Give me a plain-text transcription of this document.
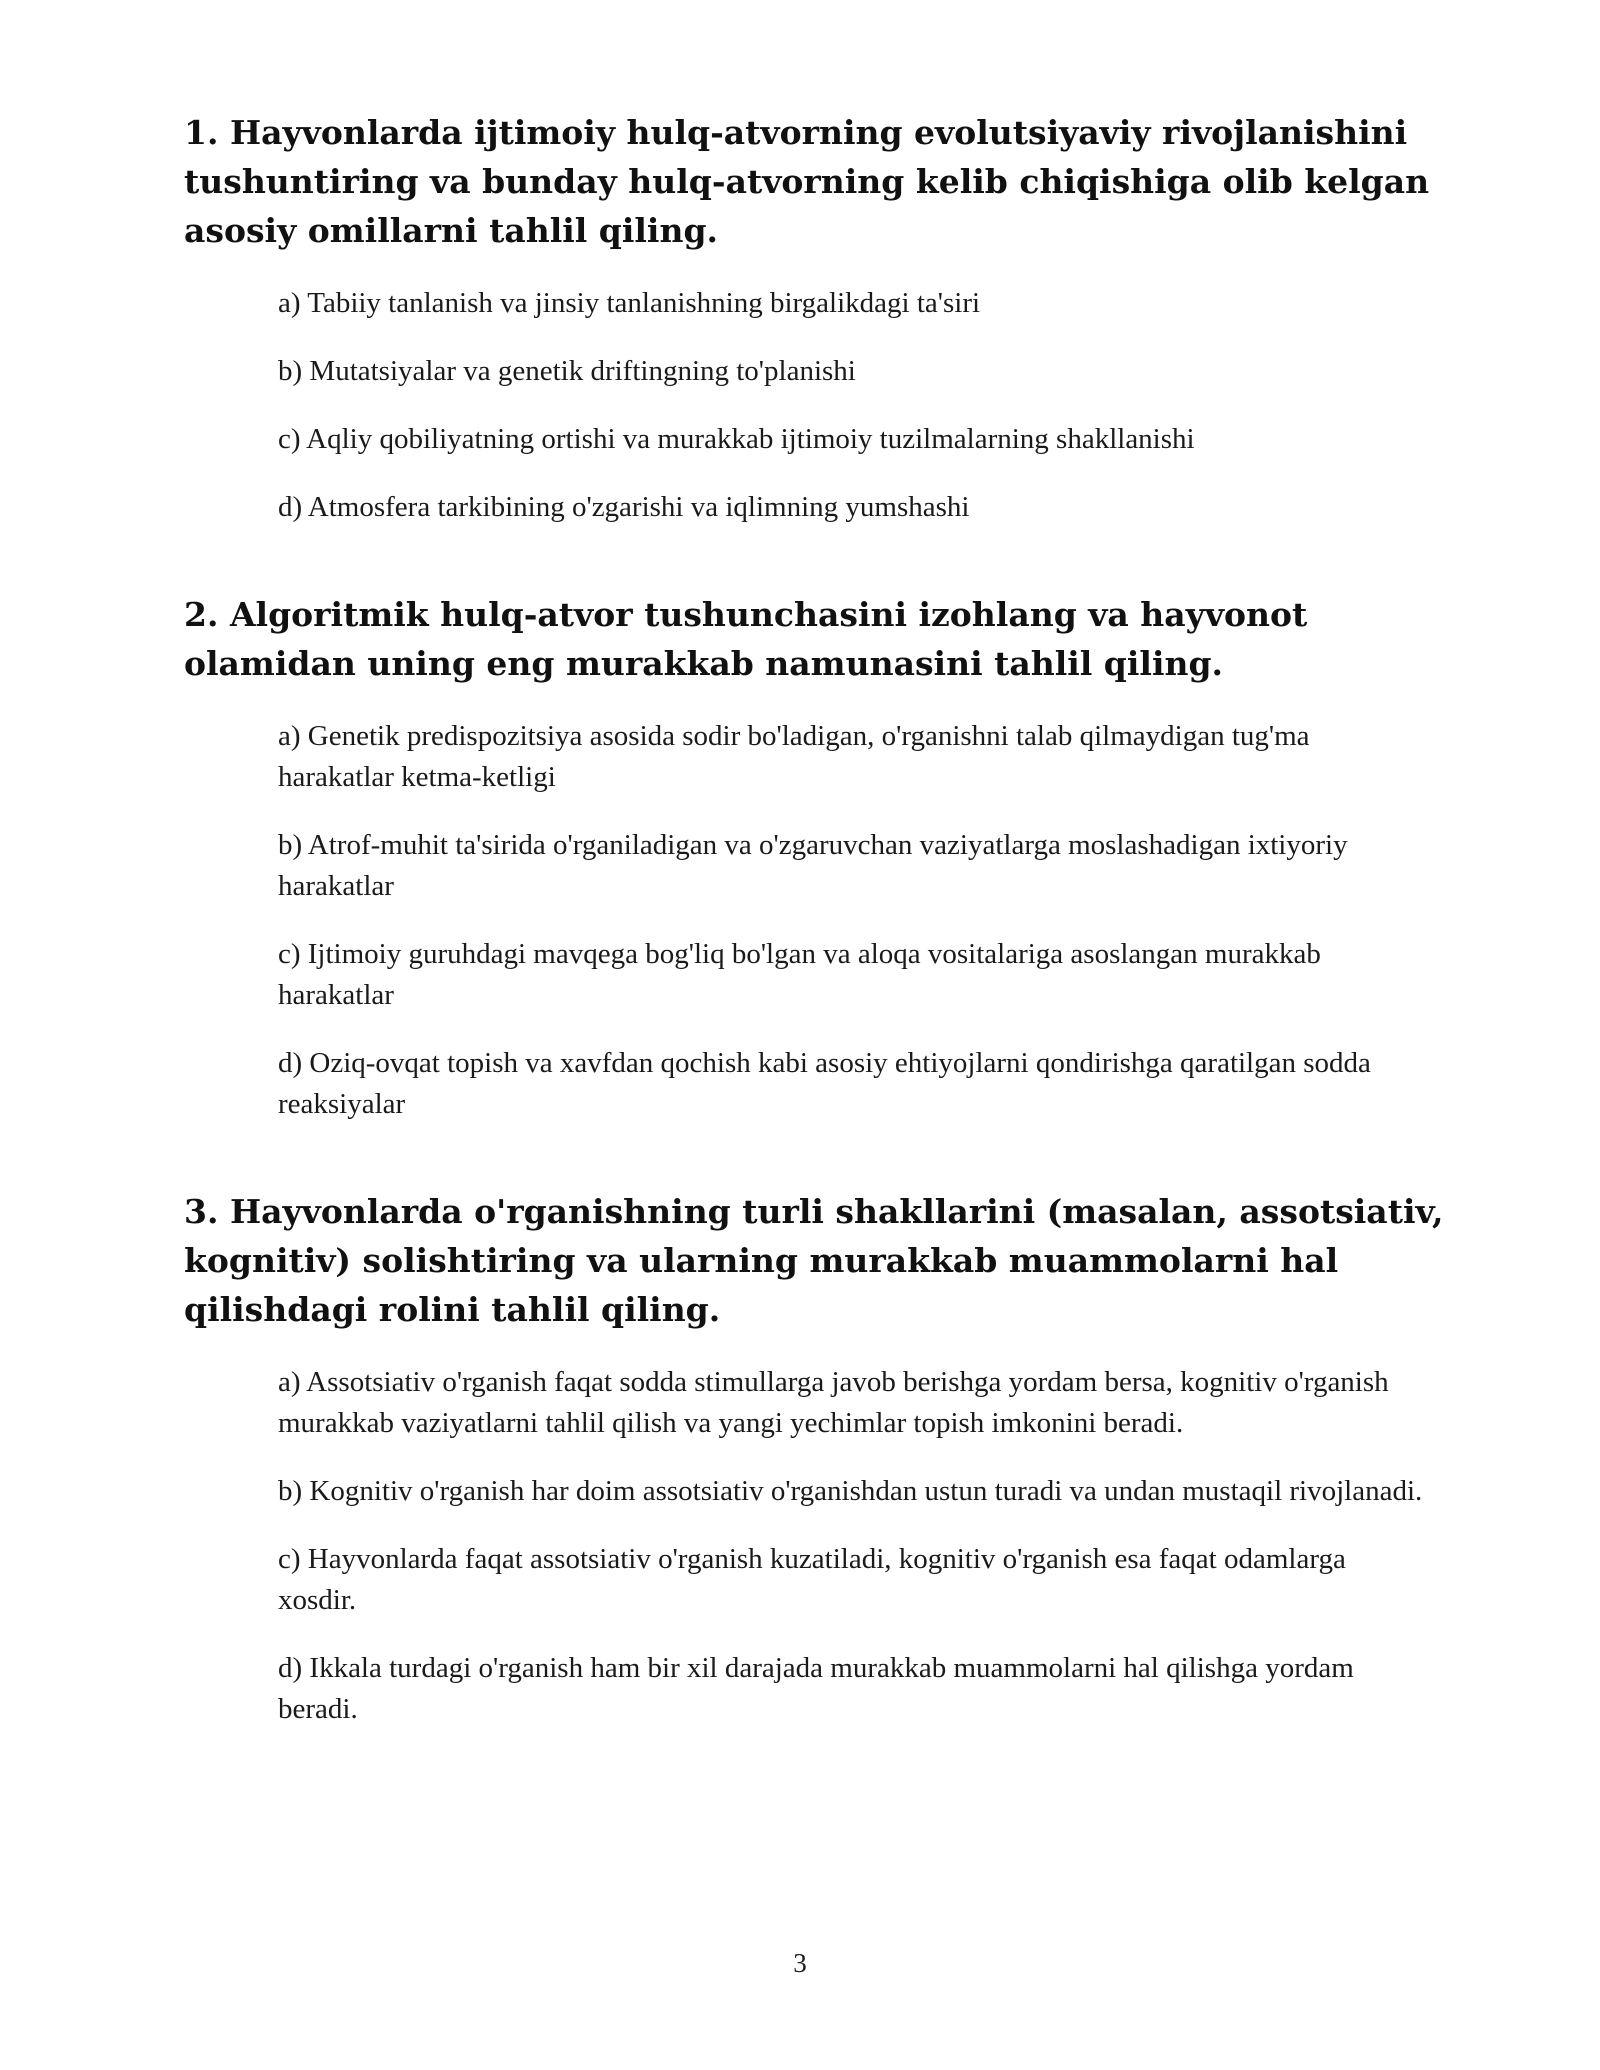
1. Hayvonlarda ijtimoiy hulq-atvorning evolutsiyaviy rivojlanishini tushuntiring va bunday hulq-atvorning kelib chiqishiga olib kelgan asosiy omillarni tahlil qiling.
a) Tabiiy tanlanish va jinsiy tanlanishning birgalikdagi ta'siri
b) Mutatsiyalar va genetik driftingning to'planishi
c) Aqliy qobiliyatning ortishi va murakkab ijtimoiy tuzilmalarning shakllanishi
d) Atmosfera tarkibining o'zgarishi va iqlimning yumshashi
2. Algoritmik hulq-atvor tushunchasini izohlang va hayvonot olamidan uning eng murakkab namunasini tahlil qiling.
a) Genetik predispozitsiya asosida sodir bo'ladigan, o'rganishni talab qilmaydigan tug'ma harakatlar ketma-ketligi
b) Atrof-muhit ta'sirida o'rganiladigan va o'zgaruvchan vaziyatlarga moslashadigan ixtiyoriy harakatlar
c) Ijtimoiy guruhdagi mavqega bog'liq bo'lgan va aloqa vositalariga asoslangan murakkab harakatlar
d) Oziq-ovqat topish va xavfdan qochish kabi asosiy ehtiyojlarni qondirishga qaratilgan sodda reaksiyalar
3. Hayvonlarda o'rganishning turli shakllarini (masalan, assotsiativ, kognitiv) solishtiring va ularning murakkab muammolarni hal qilishdagi rolini tahlil qiling.
a) Assotsiativ o'rganish faqat sodda stimullarga javob berishga yordam bersa, kognitiv o'rganish murakkab vaziyatlarni tahlil qilish va yangi yechimlar topish imkonini beradi.
b) Kognitiv o'rganish har doim assotsiativ o'rganishdan ustun turadi va undan mustaqil rivojlanadi.
c) Hayvonlarda faqat assotsiativ o'rganish kuzatiladi, kognitiv o'rganish esa faqat odamlarga xosdir.
d) Ikkala turdagi o'rganish ham bir xil darajada murakkab muammolarni hal qilishga yordam beradi.
3
